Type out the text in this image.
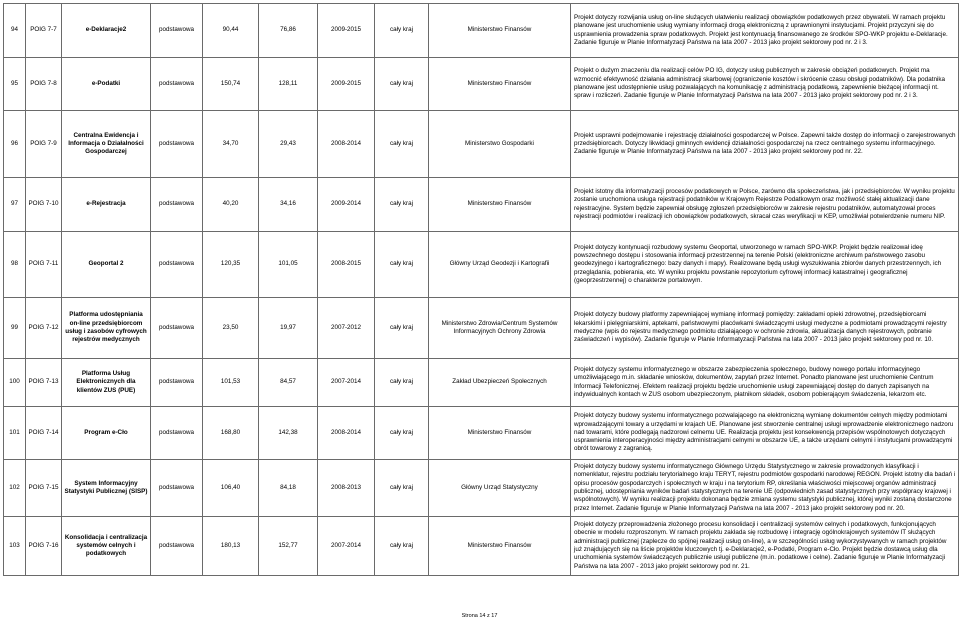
94	POIG 7-7	e-Deklaracje2	podstawowa	90,44	76,86	2009-2015	cały kraj	Ministerstwo Finansów	Projekt dotyczy rozwijania usług on-line służących ułatwieniu realizacji obowiązków podatkowych przez obywateli. W ramach projektu planowane jest uruchomienie usług wymiany informacji drogą elektroniczną z uprawnionymi instytucjami. Projekt przyczyni się do usprawnienia prowadzenia spraw podatkowych. Projekt jest kontynuacją finansowanego ze środków SPO-WKP projektu e-Deklaracje. Zadanie figuruje w Planie Informatyzacji Państwa na lata 2007 - 2013 jako projekt sektorowy pod nr. 2 i 3.
95	POIG 7-8	e-Podatki	podstawowa	150,74	128,11	2009-2015	cały kraj	Ministerstwo Finansów	Projekt o dużym znaczeniu dla realizacji celów PO IG, dotyczy usług publicznych w zakresie obciążeń podatkowych. Projekt ma wzmocnić efektywność działania administracji skarbowej (ograniczenie kosztów i skrócenie czasu obsługi podatników). Dla podatnika planowane jest udostępnienie usług pozwalających na komunikację z administracją podatkową, zapewnienie bieżącej informacji nt. spraw i rozliczeń. Zadanie figuruje w Planie Informatyzacji Państwa na lata 2007 - 2013 jako projekt sektorowy pod nr. 2 i 3.
96	POIG 7-9	Centralna Ewidencja i Informacja o Działalności Gospodarczej	podstawowa	34,70	29,43	2008-2014	cały kraj	Ministerstwo Gospodarki	Projekt usprawni podejmowanie i rejestrację działalności gospodarczej w Polsce. Zapewni także dostęp do informacji o zarejestrowanych przedsiębiorcach. Dotyczy likwidacji gminnych ewidencji działalności gospodarczej na rzecz centralnego systemu informacyjnego. Zadanie figuruje w Planie Informatyzacji Państwa na lata 2007 - 2013 jako projekt sektorowy pod nr. 22.
97	POIG 7-10	e-Rejestracja	podstawowa	40,20	34,16	2009-2014	cały kraj	Ministerstwo Finansów	Projekt istotny dla informatyzacji procesów podatkowych w Polsce, zarówno dla społeczeństwa, jak i przedsiębiorców. W wyniku projektu zostanie uruchomiona usługa rejestracji podatników w Krajowym Rejestrze Podatkowym oraz możliwość stałej aktualizacji dane rejestracyjne. System będzie zapewniał obsługę zgłoszeń przedsiębiorców w zakresie rejestru podatników, automatyzował proces rejestracji podmiotów i realizacji ich obowiązków podatkowych, skracał czas weryfikacji w KEP, umożliwiał potwierdzenie numeru NIP.
98	POIG 7-11	Geoportal 2	podstawowa	120,35	101,05	2008-2015	cały kraj	Główny Urząd Geodezji i Kartografii	Projekt dotyczy kontynuacji rozbudowy systemu Geoportal, utworzonego w ramach SPO-WKP. Projekt będzie realizował ideę powszechnego dostępu i stosowania informacji przestrzennej na terenie Polski (elektroniczne archiwum państwowego zasobu geodezyjnego i kartograficznego: bazy danych i mapy). Realizowane będą usługi wyszukiwania zbiorów danych przestrzennych, ich przeglądania, pobierania, etc. W wyniku projektu powstanie repozytorium cyfrowej informacji katastralnej i geograficznej (geoprzestrzennej) o charakterze portalowym.
99	POIG 7-12	Platforma udostępniania on-line przedsiębiorcom usług i zasobów cyfrowych rejestrów medycznych	podstawowa	23,50	19,97	2007-2012	cały kraj	Ministerstwo Zdrowia/Centrum Systemów Informacyjnych Ochrony Zdrowia	Projekt dotyczy budowy platformy zapewniającej wymianę informacji pomiędzy: zakładami opieki zdrowotnej, przedsiębiorcami lekarskimi i pielęgniarskimi, aptekami, państwowymi placówkami świadczącymi usługi medyczne a podmiotami prowadzącymi rejestry medyczne (wpis do rejestru medycznego podmiotu działającego w ochronie zdrowia, aktualizacja danych rejestrowych, pobranie zaświadczeń i wypisów). Zadanie figuruje w Planie Informatyzacji Państwa na lata 2007 - 2013 jako projekt sektorowy pod nr. 10.
100	POIG 7-13	Platforma Usług Elektronicznych dla klientów ZUS (PUE)	podstawowa	101,53	84,57	2007-2014	cały kraj	Zakład Ubezpieczeń Społecznych	Projekt dotyczy systemu informatycznego w obszarze zabezpieczenia społecznego, budowy nowego portalu informacyjnego umożliwiającego m.in. składanie wniosków, dokumentów, zapytań przez Internet. Ponadto planowane jest uruchomienie Centrum Informacji Telefonicznej. Efektem realizacji projektu będzie uruchomienie usługi zapewniającej dostęp do danych zapisanych na indywidualnych kontach w ZUS osobom ubezpieczonym, płatnikom składek, osobom pobierającym świadczenia, lekarzom etc.
101	POIG 7-14	Program e-Cło	podstawowa	168,80	142,38	2008-2014	cały kraj	Ministerstwo Finansów	Projekt dotyczy budowy systemu informatycznego pozwalającego na elektroniczną wymianę dokumentów celnych między podmiotami wprowadzającymi towary a urzędami w krajach UE. Planowane jest stworzenie centralnej usługi wprowadzenie elektronicznego nadzoru nad towarami, które podlegają nadzorowi celnemu UE. Realizacja projektu jest konsekwencją przepisów wspólnotowych dotyczących usprawnienia interoperacyjności między administracjami celnymi w obszarze UE, a także urzędami celnymi i instytucjami prowadzącymi obrót towarowy z zagranicą.
102	POIG 7-15	System Informacyjny Statystyki Publicznej (SISP)	podstawowa	106,40	84,18	2008-2013	cały kraj	Główny Urząd Statystyczny	Projekt dotyczy budowy systemu informatycznego Głównego Urzędu Statystycznego w zakresie prowadzonych klasyfikacji i nomenklatur, rejestru podziału terytorialnego kraju TERYT, rejestru podmiotów gospodarki narodowej REGON. Projekt istotny dla badań i opisu procesów gospodarczych i społecznych w kraju i na terytorium RP, określania właściwości miejscowej organów administracji publicznej, udostępniania wyników badań statystycznych na terenie UE (odpowiednich zasad statystycznych przy współpracy krajowej i wspólnotowych). W wyniku realizacji projektu dokonana będzie zmiana systemu statystyki publicznej, której wyniki zostaną dostarczone przez Internet. Zadanie figuruje w Planie Informatyzacji Państwa na lata 2007 - 2013 jako projekt sektorowy pod nr. 20.
103	POIG 7-16	Konsolidacja i centralizacja systemów celnych i podatkowych	podstawowa	180,13	152,77	2007-2014	cały kraj	Ministerstwo Finansów	Projekt dotyczy przeprowadzenia złożonego procesu konsolidacji i centralizacji systemów celnych i podatkowych, funkcjonujących obecnie w modelu rozproszonym. W ramach projektu zakłada się rozbudowę i integrację ogólnokrajowych systemów IT służących administracji publicznej (zaplecze do spójnej realizacji usług on-line), a w szczególności usług wykorzystywanych w ramach projektów już znajdujących się na liście projektów kluczowych tj. e-Deklaracje2, e-Podatki, Program e-Cło. Projekt będzie dostawcą usług dla uruchomienia systemów świadczących publicznie usługi publiczne (m.in. podatkowe i celne). Zadanie figuruje w Planie Informatyzacji Państwa na lata 2007 - 2013 jako projekt sektorowy pod nr. 21.
Strona 14 z 17
